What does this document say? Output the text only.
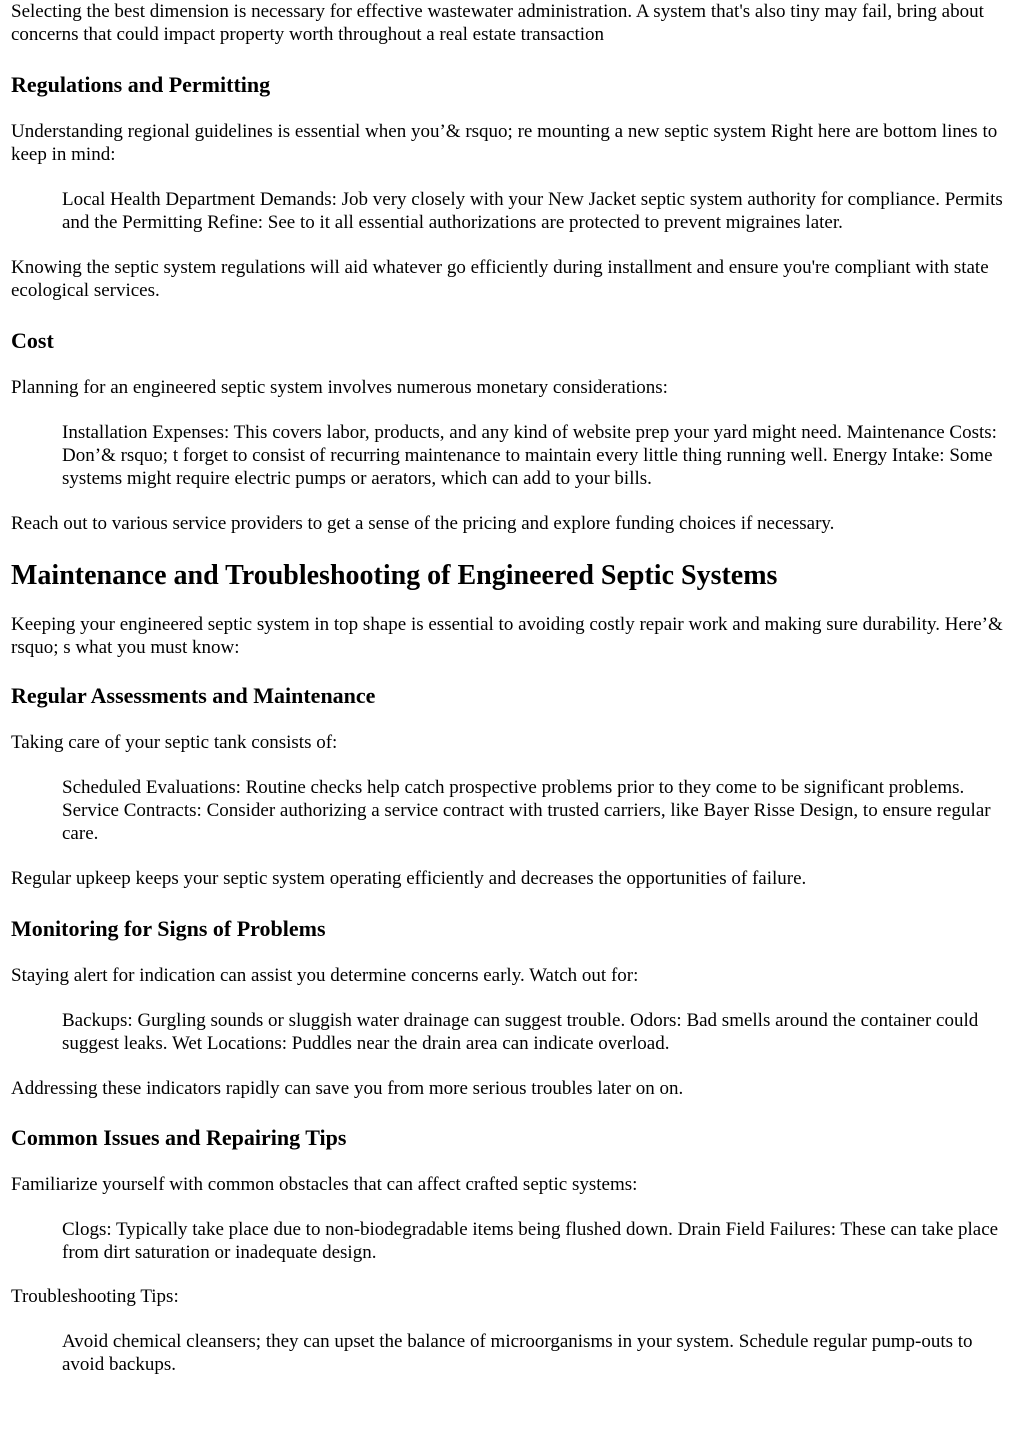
Selecting the best dimension is necessary for effective wastewater administration. A system that's also tiny may fail, bring about concerns that could impact property worth throughout a real estate transaction

Regulations and Permitting

Understanding regional guidelines is essential when you’& rsquo; re mounting a new septic system Right here are bottom lines to keep in mind:

Local Health Department Demands: Job very closely with your New Jacket septic system authority for compliance. Permits and the Permitting Refine: See to it all essential authorizations are protected to prevent migraines later.

Knowing the septic system regulations will aid whatever go efficiently during installment and ensure you're compliant with state ecological services.

Cost

Planning for an engineered septic system involves numerous monetary considerations:

Installation Expenses: This covers labor, products, and any kind of website prep your yard might need. Maintenance Costs: Don’& rsquo; t forget to consist of recurring maintenance to maintain every little thing running well. Energy Intake: Some systems might require electric pumps or aerators, which can add to your bills.

Reach out to various service providers to get a sense of the pricing and explore funding choices if necessary.

Maintenance and Troubleshooting of Engineered Septic Systems

Keeping your engineered septic system in top shape is essential to avoiding costly repair work and making sure durability. Here’& rsquo; s what you must know:

Regular Assessments and Maintenance

Taking care of your septic tank consists of:

Scheduled Evaluations: Routine checks help catch prospective problems prior to they come to be significant problems. Service Contracts: Consider authorizing a service contract with trusted carriers, like Bayer Risse Design, to ensure regular care.

Regular upkeep keeps your septic system operating efficiently and decreases the opportunities of failure.

Monitoring for Signs of Problems

Staying alert for indication can assist you determine concerns early. Watch out for:

Backups: Gurgling sounds or sluggish water drainage can suggest trouble. Odors: Bad smells around the container could suggest leaks. Wet Locations: Puddles near the drain area can indicate overload.

Addressing these indicators rapidly can save you from more serious troubles later on on.

Common Issues and Repairing Tips

Familiarize yourself with common obstacles that can affect crafted septic systems:

Clogs: Typically take place due to non-biodegradable items being flushed down. Drain Field Failures: These can take place from dirt saturation or inadequate design.

Troubleshooting Tips:

Avoid chemical cleansers; they can upset the balance of microorganisms in your system. Schedule regular pump-outs to avoid backups.
